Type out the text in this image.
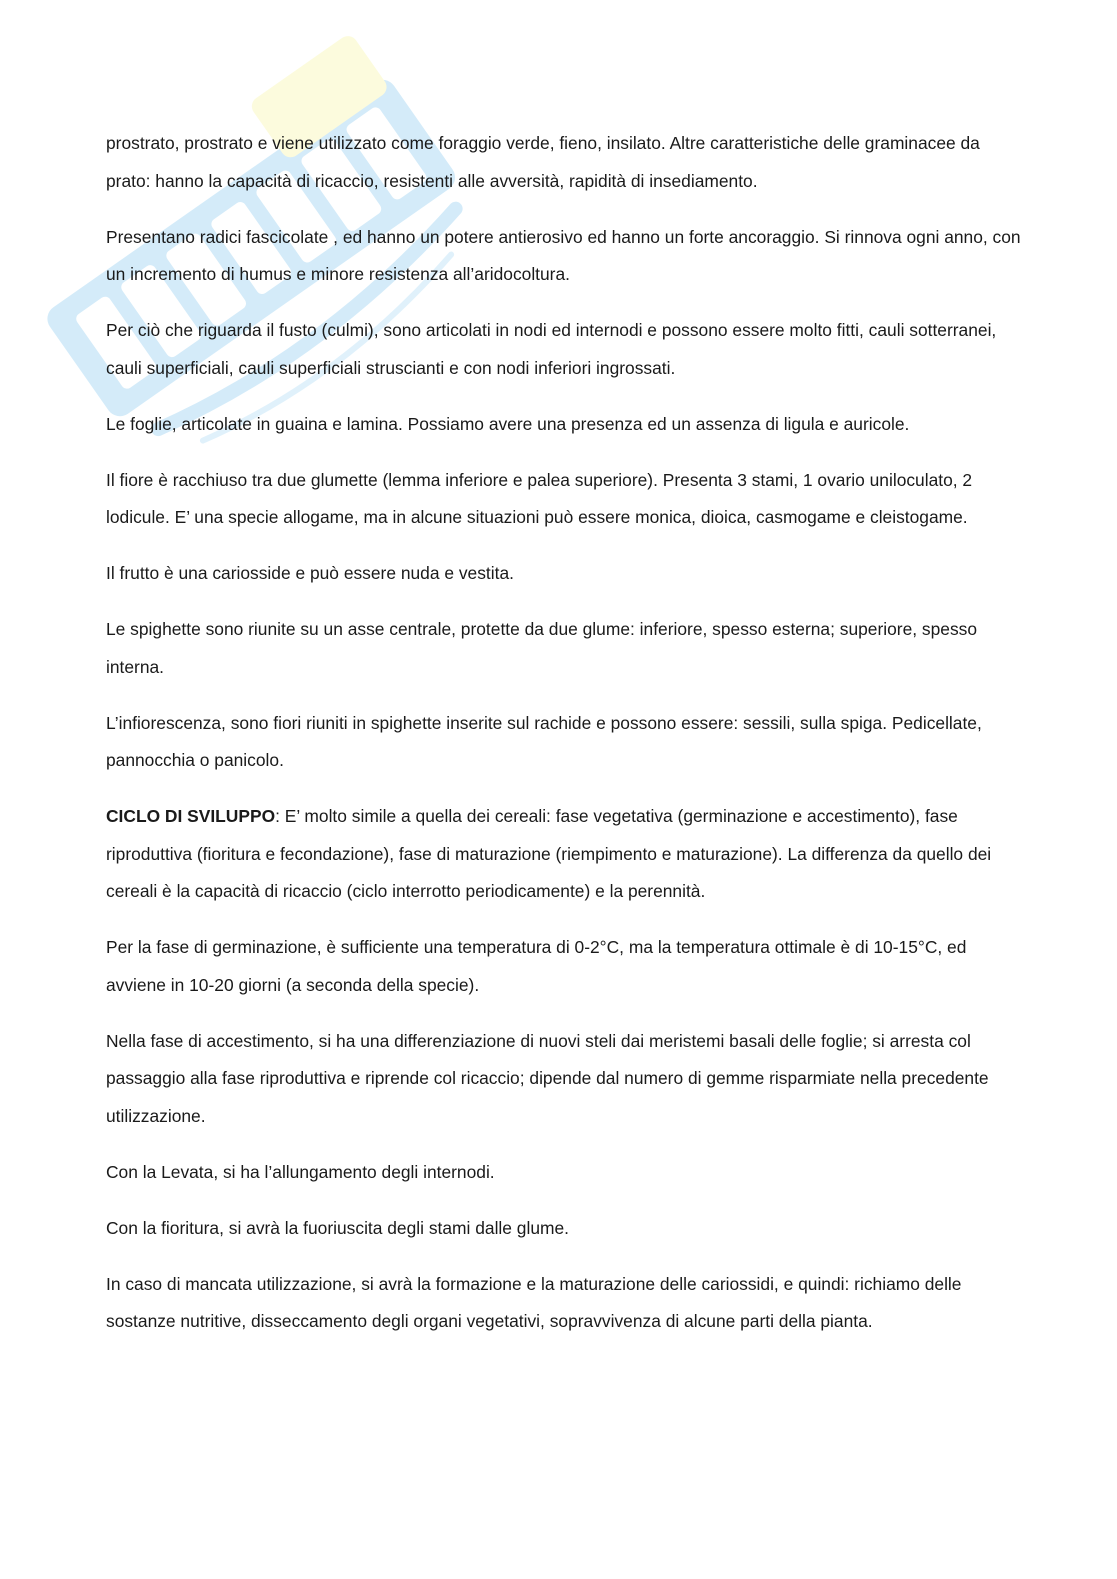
prostrato, prostrato e viene utilizzato come foraggio verde, fieno, insilato. Altre caratteristiche delle graminacee da prato: hanno la capacità di ricaccio, resistenti alle avversità, rapidità di insediamento.

Presentano radici fascicolate , ed hanno un potere antierosivo ed hanno un forte ancoraggio. Si rinnova ogni anno, con un incremento di humus e minore resistenza all’aridocoltura.

Per ciò che riguarda il fusto (culmi), sono articolati in nodi ed internodi e possono essere molto fitti, cauli sotterranei, cauli superficiali, cauli superficiali struscianti e con nodi inferiori ingrossati.

Le foglie, articolate in guaina e lamina. Possiamo avere una presenza ed un assenza di ligula e auricole.

Il fiore è racchiuso tra due glumette (lemma inferiore e palea superiore). Presenta 3 stami, 1 ovario uniloculato, 2 lodicule. E’ una specie allogame, ma in alcune situazioni può essere monica, dioica, casmogame e cleistogame.

Il frutto è una cariosside e può essere nuda e vestita.

Le spighette sono riunite su un asse centrale, protette da due glume: inferiore, spesso esterna; superiore, spesso interna.

L’infiorescenza, sono fiori riuniti in spighette inserite sul rachide e possono essere: sessili, sulla spiga. Pedicellate, pannocchia o panicolo.

CICLO DI SVILUPPO: E’ molto simile a quella dei cereali: fase vegetativa (germinazione e accestimento), fase riproduttiva (fioritura e fecondazione), fase di maturazione (riempimento e maturazione). La differenza da quello dei cereali è la capacità di ricaccio (ciclo interrotto periodicamente) e la perennità.

Per la fase di germinazione, è sufficiente una temperatura di 0-2°C, ma la temperatura ottimale è di 10-15°C, ed avviene in 10-20 giorni (a seconda della specie).

Nella fase di accestimento, si ha una differenziazione di nuovi steli dai meristemi basali delle foglie; si arresta col passaggio alla fase riproduttiva e riprende col ricaccio; dipende dal numero di gemme risparmiate nella precedente utilizzazione.

Con la Levata, si ha l’allungamento degli internodi.

Con la fioritura, si avrà la fuoriuscita degli stami dalle glume.

In caso di mancata utilizzazione, si avrà la formazione e la maturazione delle cariossidi, e quindi: richiamo delle sostanze nutritive, disseccamento degli organi vegetativi, sopravvivenza di alcune parti della pianta.
